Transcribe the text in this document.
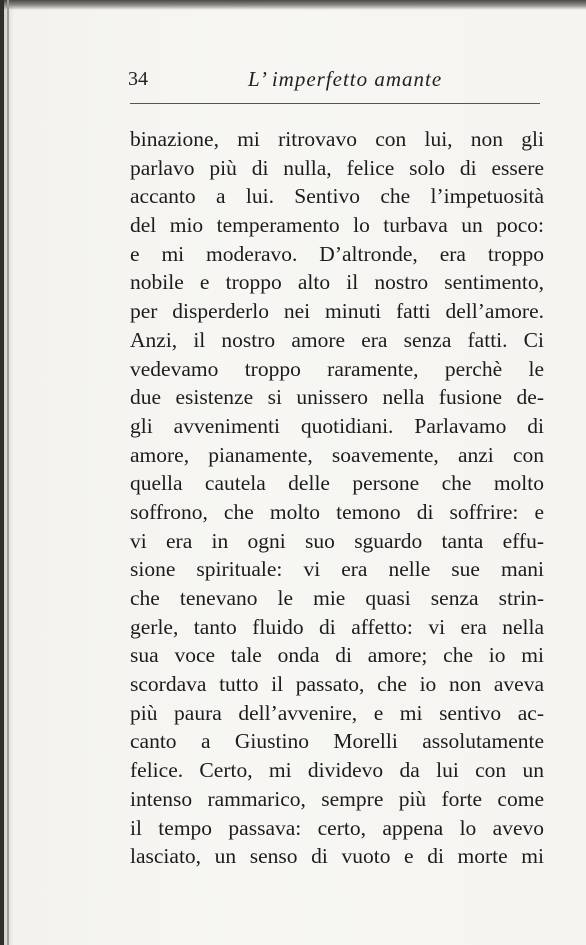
34	L’ imperfetto amante
binazione, mi ritrovavo con lui, non gli
parlavo più di nulla, felice solo di essere
accanto a lui. Sentivo che l’impetuosità
del mio temperamento lo turbava un poco:
e mi moderavo. D’altronde, era troppo
nobile e troppo alto il nostro sentimento,
per disperderlo nei minuti fatti dell’amore.
Anzi, il nostro amore era senza fatti. Ci
vedevamo troppo raramente, perchè le
due esistenze si unissero nella fusione de-
gli avvenimenti quotidiani. Parlavamo di
amore, pianamente, soavemente, anzi con
quella cautela delle persone che molto
soffrono, che molto temono di soffrire: e
vi era in ogni suo sguardo tanta effu-
sione spirituale: vi era nelle sue mani
che tenevano le mie quasi senza strin-
gerle, tanto fluido di affetto: vi era nella
sua voce tale onda di amore; che io mi
scordava tutto il passato, che io non aveva
più paura dell’avvenire, e mi sentivo ac-
canto a Giustino Morelli assolutamente
felice. Certo, mi dividevo da lui con un
intenso rammarico, sempre più forte come
il tempo passava: certo, appena lo avevo
lasciato, un senso di vuoto e di morte mi
